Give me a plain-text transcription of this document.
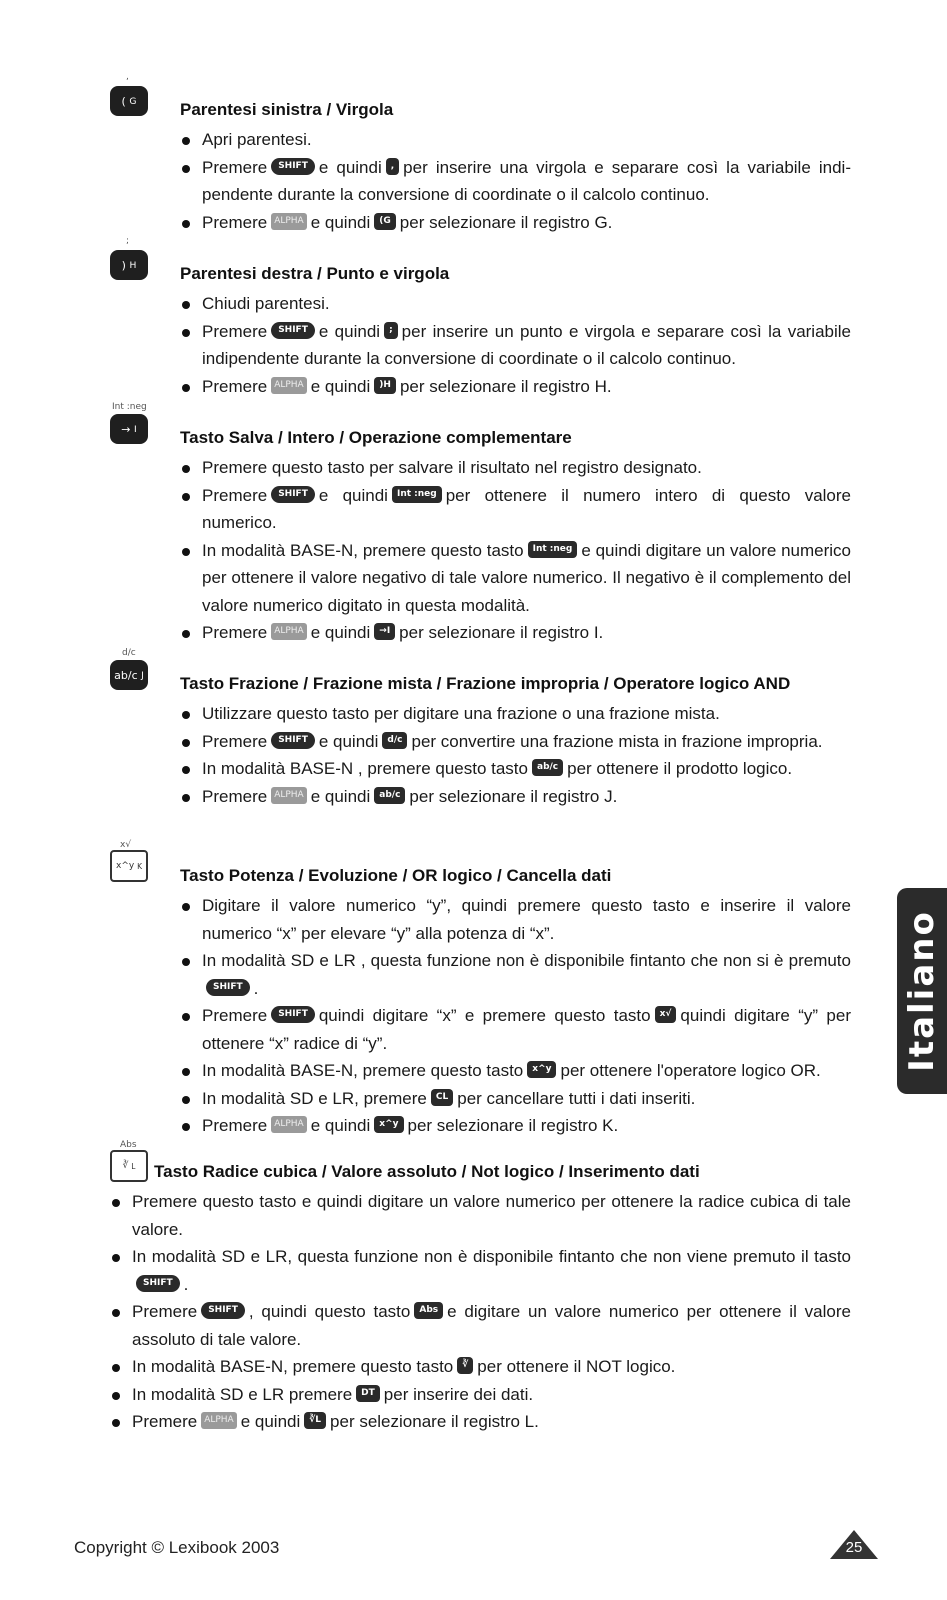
,
(
G	Parentesi sinistra / Virgola
Apri parentesi.
Premere SHIFT e quindi , per inserire una virgola e separare così la variabile indi-pendente durante la conversione di coordinate o il calcolo continuo.
Premere ALPHA e quindi (G per selezionare il registro G.
;
)
H	Parentesi destra / Punto e virgola
Chiudi parentesi.
Premere SHIFT e quindi ; per inserire un punto e virgola e separare così la variabile indipendente durante la conversione di coordinate o il calcolo continuo.
Premere ALPHA e quindi )H per selezionare il registro H.
Int :neg
→
I	Tasto Salva / Intero / Operazione complementare
Premere questo tasto per salvare il risultato nel registro designato.
Premere SHIFT e quindi Int :neg per ottenere il numero intero di questo valore numerico.
In modalità BASE-N, premere questo tasto Int :neg e quindi digitare un valore numerico per ottenere il valore negativo di tale valore numerico. Il negativo è il complemento del valore numerico digitato in questa modalità.
Premere ALPHA e quindi →I per selezionare il registro I.
d/c
ab/c
J Tasto Frazione / Frazione mista / Frazione impropria / Operatore logico AND
Utilizzare questo tasto per digitare una frazione o una frazione mista.
Premere SHIFT e quindi d/c per convertire una frazione mista in frazione impropria.
In modalità BASE-N , premere questo tasto ab/c per ottenere il prodotto logico.
Premere ALPHA e quindi ab/c per selezionare il registro J.
x√
x^y
K Tasto Potenza / Evoluzione / OR logico / Cancella dati
Digitare il valore numerico “y”, quindi premere questo tasto e inserire il valore numerico “x” per elevare “y” alla potenza di “x”.
In modalità SD e LR , questa funzione non è disponibile fintanto che non si è premutoSHIFT .
Premere SHIFT quindi digitare “x” e premere questo tasto x√ quindi digitare “y” per ottenere “x” radice di “y”.
In modalità BASE-N, premere questo tasto x^y per ottenere l'operatore logico OR.
In modalità SD e LR, premere CL per cancellare tutti i dati inseriti.
Premere ALPHA e quindi x^y per selezionare il registro K.
Abs
∛
L Tasto Radice cubica / Valore assoluto / Not logico / Inserimento dati
Premere questo tasto e quindi digitare un valore numerico per ottenere la radice cubica di tale valore.
In modalità SD e LR, questa funzione non è disponibile fintanto che non viene premuto il tastoSHIFT .
Premere SHIFT , quindi questo tasto Abs e digitare un valore numerico per ottenere il valore assoluto di tale valore.
In modalità BASE-N, premere questo tasto ∛ per ottenere il NOT logico.
In modalità SD e LR premere DT per inserire dei dati.
Premere ALPHA e quindi ∛L per selezionare il registro L.
Italiano
Copyright © Lexibook 2003	25
